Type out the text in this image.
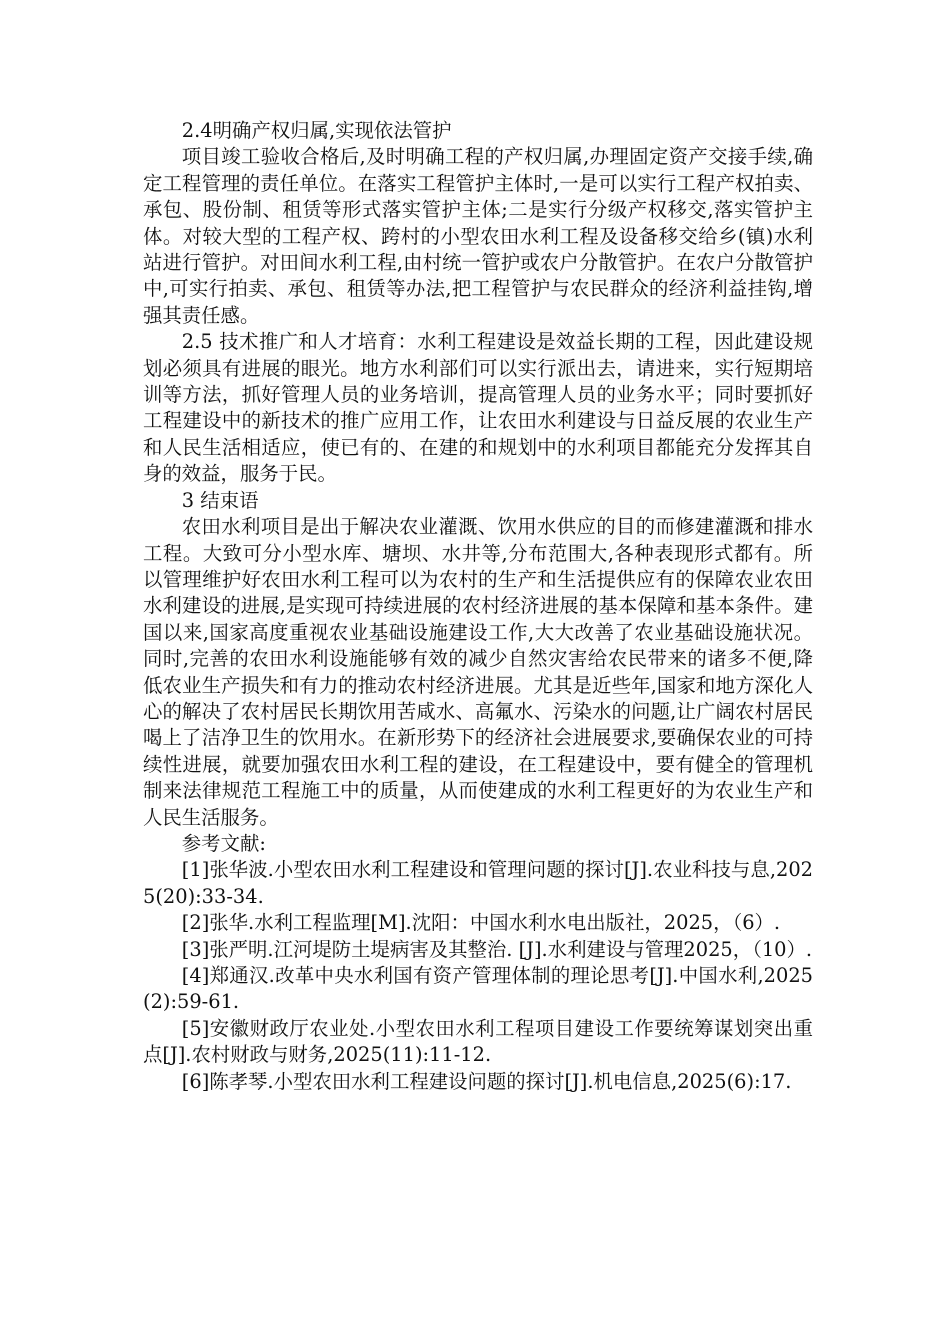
2.4明确产权归属,实现依法管护

项目竣工验收合格后,及时明确工程的产权归属,办理固定资产交接手续,确定工程管理的责任单位。在落实工程管护主体时,一是可以实行工程产权拍卖、承包、股份制、租赁等形式落实管护主体;二是实行分级产权移交,落实管护主体。对较大型的工程产权、跨村的小型农田水利工程及设备移交给乡(镇)水利站进行管护。对田间水利工程,由村统一管护或农户分散管护。在农户分散管护中,可实行拍卖、承包、租赁等办法,把工程管护与农民群众的经济利益挂钩,增强其责任感。

2.5 技术推广和人才培育：水利工程建设是效益长期的工程，因此建设规划必须具有进展的眼光。地方水利部们可以实行派出去，请进来，实行短期培训等方法，抓好管理人员的业务培训，提高管理人员的业务水平；同时要抓好工程建设中的新技术的推广应用工作，让农田水利建设与日益反展的农业生产和人民生活相适应，使已有的、在建的和规划中的水利项目都能充分发挥其自身的效益，服务于民。

3 结束语

农田水利项目是出于解决农业灌溉、饮用水供应的目的而修建灌溉和排水工程。大致可分小型水库、塘坝、水井等,分布范围大,各种表现形式都有。所以管理维护好农田水利工程可以为农村的生产和生活提供应有的保障农业农田水利建设的进展,是实现可持续进展的农村经济进展的基本保障和基本条件。建国以来,国家高度重视农业基础设施建设工作,大大改善了农业基础设施状况。同时,完善的农田水利设施能够有效的减少自然灾害给农民带来的诸多不便,降低农业生产损失和有力的推动农村经济进展。尤其是近些年,国家和地方深化人心的解决了农村居民长期饮用苦咸水、高氟水、污染水的问题,让广阔农村居民喝上了洁净卫生的饮用水。在新形势下的经济社会进展要求,要确保农业的可持续性进展，就要加强农田水利工程的建设，在工程建设中，要有健全的管理机制来法律规范工程施工中的质量，从而使建成的水利工程更好的为农业生产和人民生活服务。

参考文献:

[1]张华波.小型农田水利工程建设和管理问题的探讨[J].农业科技与息,2025(20):33-34.

[2]张华.水利工程监理[M].沈阳：中国水利水电出版社，2025，（6）.

[3]张严明.江河堤防土堤病害及其整治. [J].水利建设与管理2025，（10）.

[4]郑通汉.改革中央水利国有资产管理体制的理论思考[J].中国水利,2025(2):59-61.

[5]安徽财政厅农业处.小型农田水利工程项目建设工作要统筹谋划突出重点[J].农村财政与财务,2025(11):11-12.

[6]陈孝琴.小型农田水利工程建设问题的探讨[J].机电信息,2025(6):17.
